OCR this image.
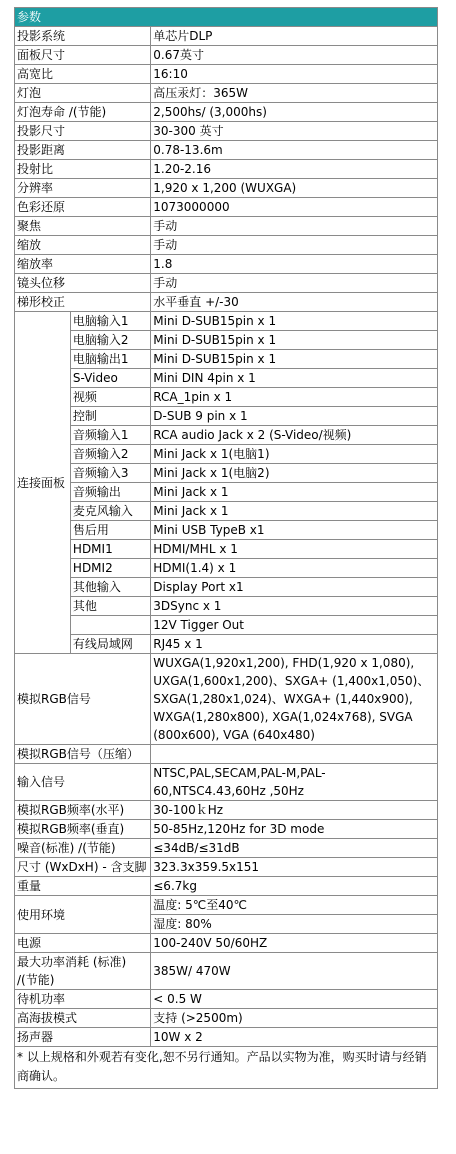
参数		
投影系统		单芯片DLP
面板尺寸		0.67英寸
高宽比		16:10
灯泡		高压汞灯：365W
灯泡寿命 /(节能)		2,500hs/ (3,000hs)
投影尺寸		30-300 英寸
投影距离		0.78-13.6m
投射比		1.20-2.16
分辨率		1,920 x 1,200 (WUXGA)
色彩还原		1073000000
聚焦		手动
缩放		手动
缩放率		1.8
镜头位移		手动
梯形校正		水平垂直 +/-30
连接面板	电脑输入1	Mini D-SUB15pin x 1
	电脑输入2	Mini D-SUB15pin x 1
	电脑输出1	Mini D-SUB15pin x 1
	S-Video	Mini DIN 4pin x 1
	视频	RCA_1pin x 1
	控制	D-SUB 9 pin x 1
	音频输入1	RCA audio Jack x 2 (S-Video/视频)
	音频输入2	Mini Jack x 1(电脑1)
	音频输入3	Mini Jack x 1(电脑2)
	音频输出	Mini Jack x 1
	麦克风输入	Mini Jack x 1
	售后用	Mini USB TypeB x1
	HDMI1	HDMI/MHL x 1
	HDMI2	HDMI(1.4) x 1
	其他输入	Display Port x1
	其他	3DSync x 1
		12V Tigger Out
	有线局域网	RJ45 x 1
模拟RGB信号		WUXGA(1,920x1,200), FHD(1,920 x 1,080), UXGA(1,600x1,200)、SXGA+ (1,400x1,050)、SXGA(1,280x1,024)、WXGA+ (1,440x900), WXGA(1,280x800), XGA(1,024x768), SVGA (800x600), VGA (640x480)
模拟RGB信号（压缩）		
输入信号		NTSC,PAL,SECAM,PAL-M,PAL-60,NTSC4.43,60Hz ,50Hz
模拟RGB频率(水平)		30-100ｋHz
模拟RGB频率(垂直)		50-85Hz,120Hz for 3D mode
噪音(标准) /(节能)		≤34dB/≤31dB
尺寸 (WxDxH) - 含支脚		323.3x359.5x151
重量		≤6.7kg
使用环境		温度: 5℃至40℃
		湿度: 80%
电源		100-240V 50/60HZ
最大功率消耗 (标准) /(节能)		385W/ 470W
待机功率		< 0.5 W
高海拔模式		支持 (>2500m)
扬声器		10W x 2
* 以上规格和外观若有变化,恕不另行通知。产品以实物为准，购买时请与经销商确认。		
